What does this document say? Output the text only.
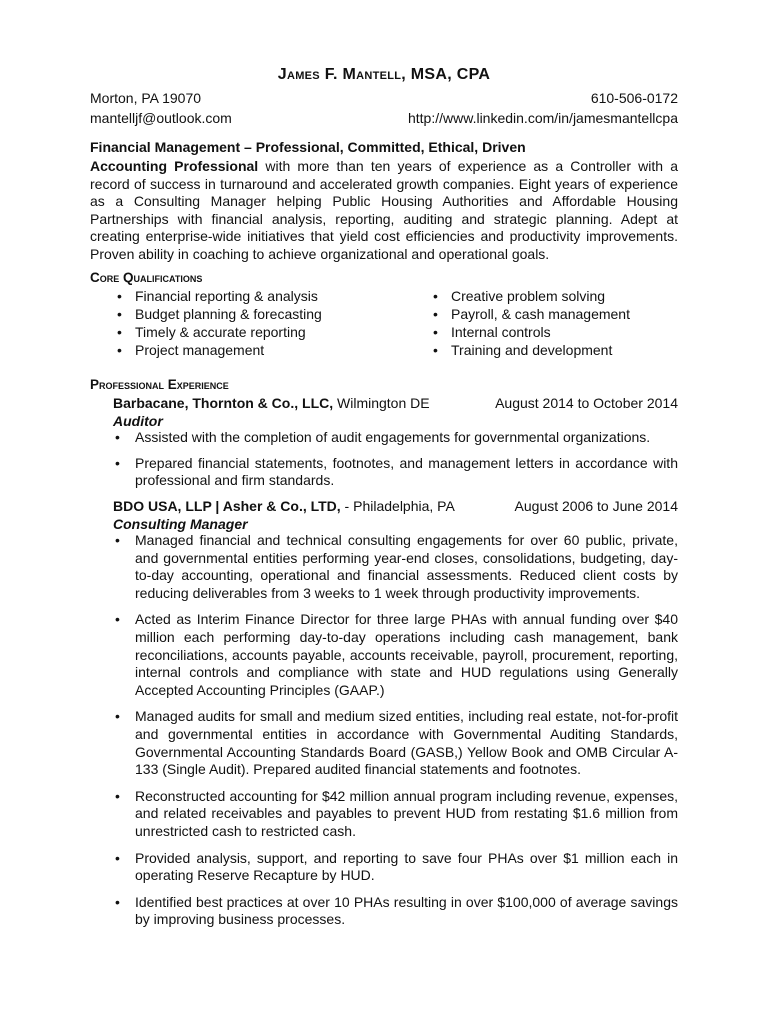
James F. Mantell, MSA, CPA
Morton, PA 19070	610-506-0172
mantelljf@outlook.com	http://www.linkedin.com/in/jamesmantellcpa
Financial Management – Professional, Committed, Ethical, Driven
Accounting Professional with more than ten years of experience as a Controller with a record of success in turnaround and accelerated growth companies. Eight years of experience as a Consulting Manager helping Public Housing Authorities and Affordable Housing Partnerships with financial analysis, reporting, auditing and strategic planning. Adept at creating enterprise-wide initiatives that yield cost efficiencies and productivity improvements. Proven ability in coaching to achieve organizational and operational goals.
Core Qualifications
• Financial reporting & analysis
• Budget planning & forecasting
• Timely & accurate reporting
• Project management
• Creative problem solving
• Payroll, & cash management
• Internal controls
• Training and development
Professional Experience
Barbacane, Thornton & Co., LLC, Wilmington DE	August 2014 to October 2014
Auditor
• Assisted with the completion of audit engagements for governmental organizations.
• Prepared financial statements, footnotes, and management letters in accordance with professional and firm standards.
BDO USA, LLP | Asher & Co., LTD, - Philadelphia, PA	August 2006 to June 2014
Consulting Manager
• Managed financial and technical consulting engagements for over 60 public, private, and governmental entities performing year-end closes, consolidations, budgeting, day-to-day accounting, operational and financial assessments. Reduced client costs by reducing deliverables from 3 weeks to 1 week through productivity improvements.
• Acted as Interim Finance Director for three large PHAs with annual funding over $40 million each performing day-to-day operations including cash management, bank reconciliations, accounts payable, accounts receivable, payroll, procurement, reporting, internal controls and compliance with state and HUD regulations using Generally Accepted Accounting Principles (GAAP.)
• Managed audits for small and medium sized entities, including real estate, not-for-profit and governmental entities in accordance with Governmental Auditing Standards, Governmental Accounting Standards Board (GASB,) Yellow Book and OMB Circular A-133 (Single Audit). Prepared audited financial statements and footnotes.
• Reconstructed accounting for $42 million annual program including revenue, expenses, and related receivables and payables to prevent HUD from restating $1.6 million from unrestricted cash to restricted cash.
• Provided analysis, support, and reporting to save four PHAs over $1 million each in operating Reserve Recapture by HUD.
• Identified best practices at over 10 PHAs resulting in over $100,000 of average savings by improving business processes.
